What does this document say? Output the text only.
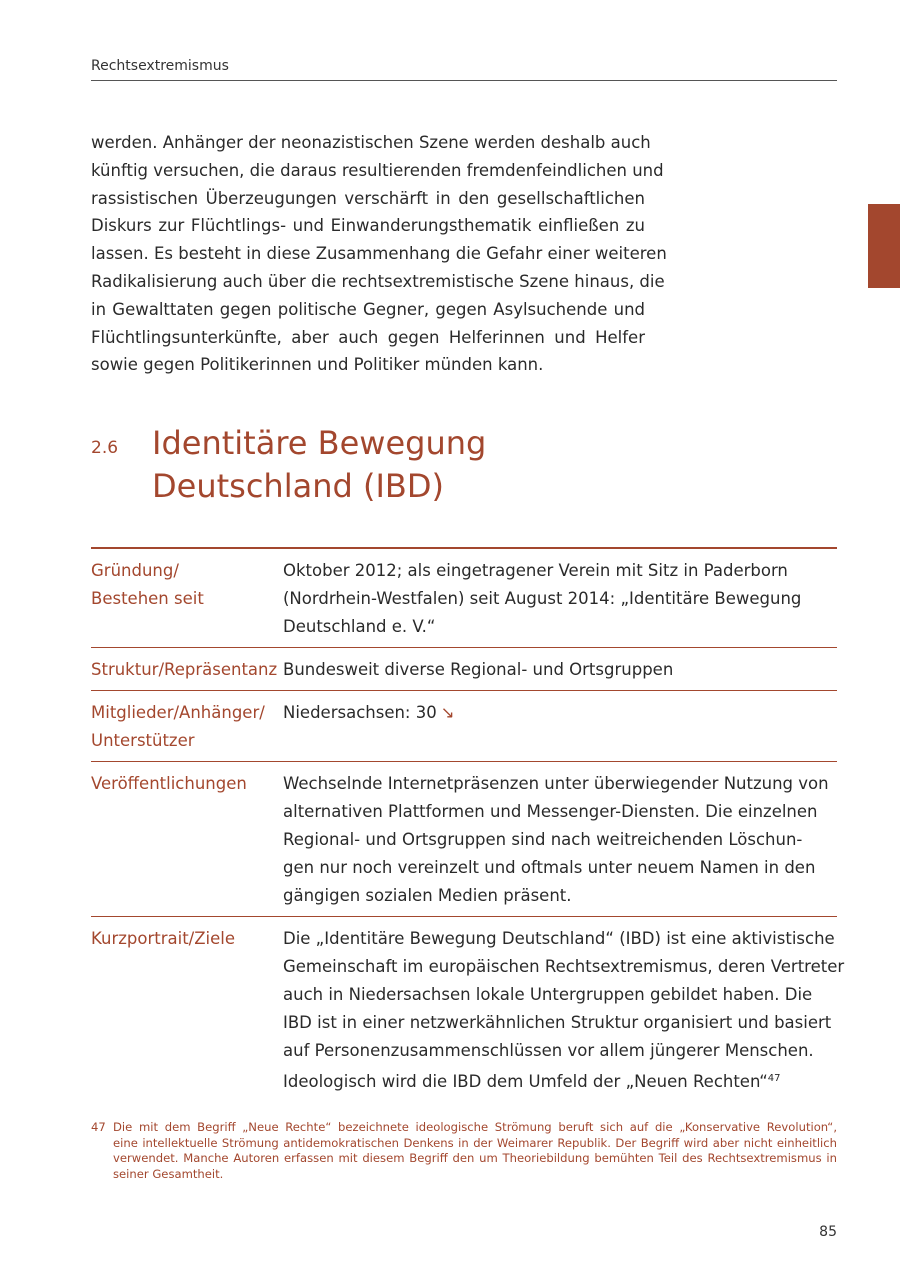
Rechtsextremismus
werden. Anhänger der neonazistischen Szene werden deshalb auch
künftig versuchen, die daraus resultierenden fremdenfeindlichen und
rassistischen Überzeugungen verschärft in den gesellschaftlichen
Diskurs zur Flüchtlings- und Einwanderungsthematik einfließen zu
lassen. Es besteht in diese Zusammenhang die Gefahr einer weiteren
Radikalisierung auch über die rechtsextremistische Szene hinaus, die
in Gewalttaten gegen politische Gegner, gegen Asylsuchende und
Flüchtlingsunterkünfte, aber auch gegen Helferinnen und Helfer
sowie gegen Politikerinnen und Politiker münden kann.
2.6 Identitäre Bewegung
Deutschland (IBD)
Gründung/
Bestehen seit
Oktober 2012; als eingetragener Verein mit Sitz in Paderborn
(Nordrhein-Westfalen) seit August 2014: „Identitäre Bewegung
Deutschland e. V.“
Struktur/Repräsentanz Bundesweit diverse Regional- und Ortsgruppen
Mitglieder/Anhänger/
Unterstützer
Niedersachsen: 30 ↘
Veröffentlichungen	Wechselnde Internetpräsenzen unter überwiegender Nutzung von
alternativen Plattformen und Messenger-Diensten. Die einzelnen
Regional- und Ortsgruppen sind nach weitreichenden Löschun-
gen nur noch vereinzelt und oftmals unter neuem Namen in den
gängigen sozialen Medien präsent.
Kurzportrait/Ziele	Die „Identitäre Bewegung Deutschland“ (IBD) ist eine aktivistische
Gemeinschaft im europäischen Rechtsextremismus, deren Vertreter
auch in Niedersachsen lokale Untergruppen gebildet haben. Die
IBD ist in einer netzwerkähnlichen Struktur organisiert und basiert
auf Personenzusammenschlüssen vor allem jüngerer Menschen.
Ideologisch wird die IBD dem Umfeld der „Neuen Rechten“$^{47}$
47 Die mit dem Begriff „Neue Rechte“ bezeichnete ideologische Strömung beruft sich auf die „Konservative Revolution“,
eine intellektuelle Strömung antidemokratischen Denkens in der Weimarer Republik. Der Begriff wird aber nicht einheitlich
verwendet. Manche Autoren erfassen mit diesem Begriff den um Theoriebildung bemühten Teil des Rechtsextremismus in
seiner Gesamtheit.
85
